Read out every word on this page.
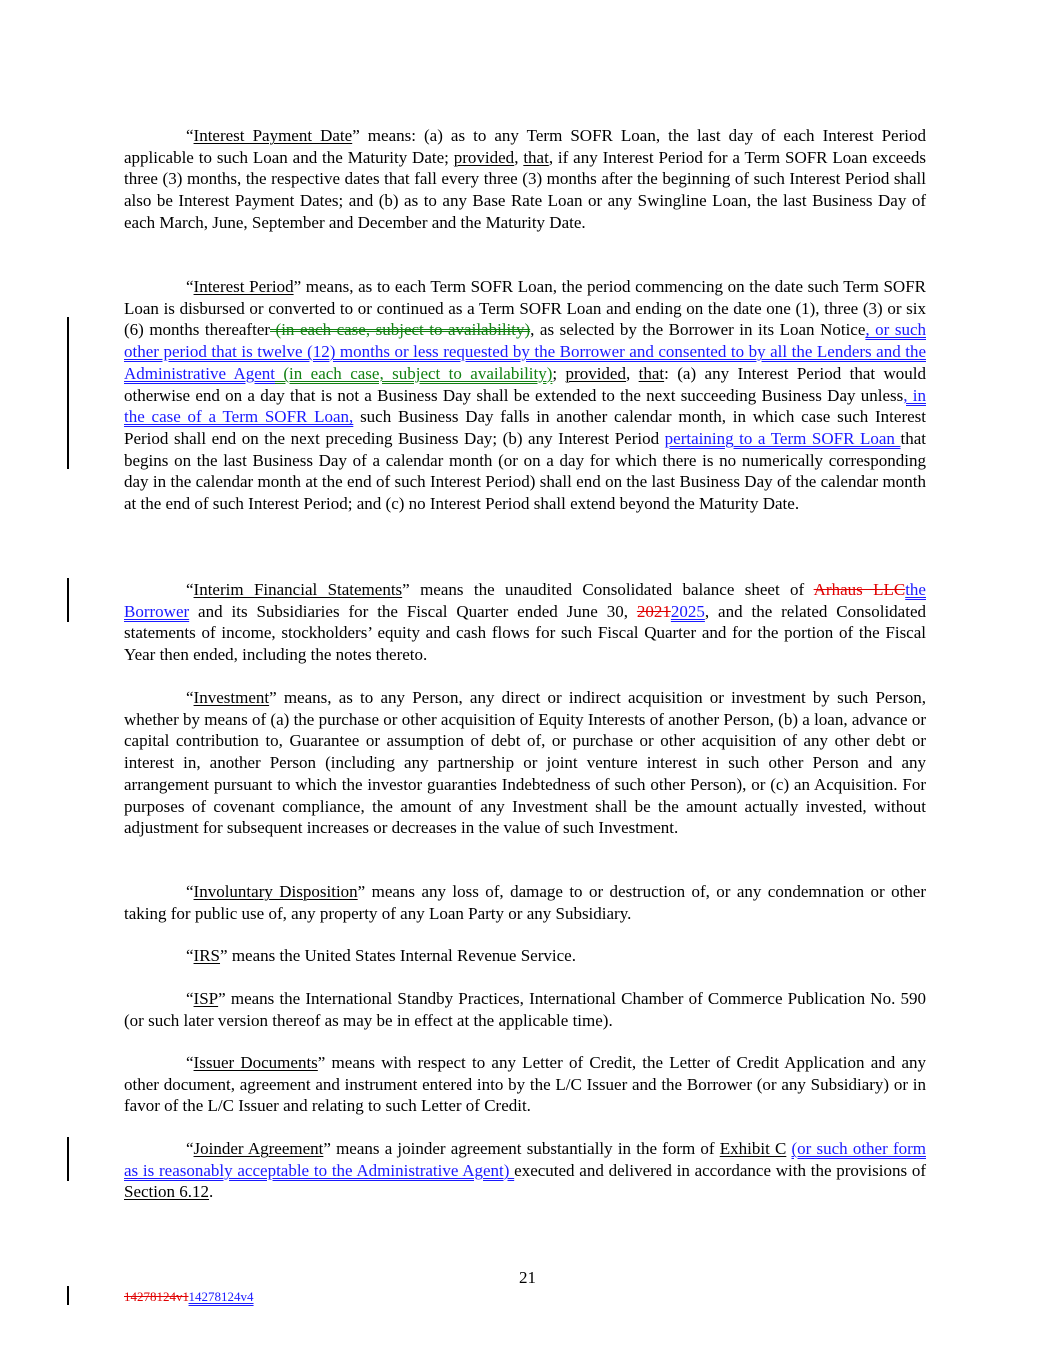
“Interest Payment Date” means: (a) as to any Term SOFR Loan, the last day of each Interest Period applicable to such Loan and the Maturity Date; provided, that, if any Interest Period for a Term SOFR Loan exceeds three (3) months, the respective dates that fall every three (3) months after the beginning of such Interest Period shall also be Interest Payment Dates; and (b) as to any Base Rate Loan or any Swingline Loan, the last Business Day of each March, June, September and December and the Maturity Date.

“Interest Period” means, as to each Term SOFR Loan, the period commencing on the date such Term SOFR Loan is disbursed or converted to or continued as a Term SOFR Loan and ending on the date one (1), three (3) or six (6) months thereafter (in each case, subject to availability), as selected by the Borrower in its Loan Notice, or such other period that is twelve (12) months or less requested by the Borrower and consented to by all the Lenders and the Administrative Agent (in each case, subject to availability); provided, that: (a) any Interest Period that would otherwise end on a day that is not a Business Day shall be extended to the next succeeding Business Day unless, in the case of a Term SOFR Loan, such Business Day falls in another calendar month, in which case such Interest Period shall end on the next preceding Business Day; (b) any Interest Period pertaining to a Term SOFR Loan that begins on the last Business Day of a calendar month (or on a day for which there is no numerically corresponding day in the calendar month at the end of such Interest Period) shall end on the last Business Day of the calendar month at the end of such Interest Period; and (c) no Interest Period shall extend beyond the Maturity Date.

“Interim Financial Statements” means the unaudited Consolidated balance sheet of Arhaus LLCthe Borrower and its Subsidiaries for the Fiscal Quarter ended June 30, 20212025, and the related Consolidated statements of income, stockholders’ equity and cash flows for such Fiscal Quarter and for the portion of the Fiscal Year then ended, including the notes thereto.

“Investment” means, as to any Person, any direct or indirect acquisition or investment by such Person, whether by means of (a) the purchase or other acquisition of Equity Interests of another Person, (b) a loan, advance or capital contribution to, Guarantee or assumption of debt of, or purchase or other acquisition of any other debt or interest in, another Person (including any partnership or joint venture interest in such other Person and any arrangement pursuant to which the investor guaranties Indebtedness of such other Person), or (c) an Acquisition. For purposes of covenant compliance, the amount of any Investment shall be the amount actually invested, without adjustment for subsequent increases or decreases in the value of such Investment.

“Involuntary Disposition” means any loss of, damage to or destruction of, or any condemnation or other taking for public use of, any property of any Loan Party or any Subsidiary.

“IRS” means the United States Internal Revenue Service.

“ISP” means the International Standby Practices, International Chamber of Commerce Publication No. 590 (or such later version thereof as may be in effect at the applicable time).

“Issuer Documents” means with respect to any Letter of Credit, the Letter of Credit Application and any other document, agreement and instrument entered into by the L/C Issuer and the Borrower (or any Subsidiary) or in favor of the L/C Issuer and relating to such Letter of Credit.

“Joinder Agreement” means a joinder agreement substantially in the form of Exhibit C (or such other form as is reasonably acceptable to the Administrative Agent) executed and delivered in accordance with the provisions of Section 6.12.

21
14278124v114278124v4
